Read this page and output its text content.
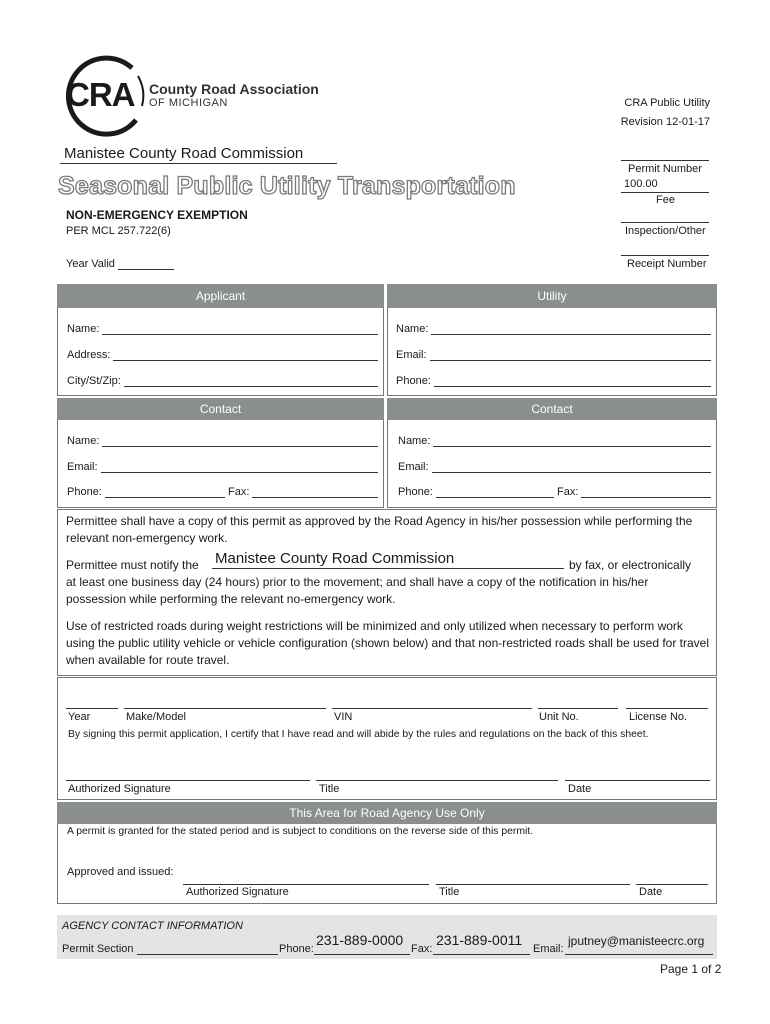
CRA County Road Association
OF MICHIGAN	CRA Public Utility
Revision 12-01-17
Manistee County Road Commission
Seasonal Public Utility Transportation
NON-EMERGENCY EXEMPTION
PER MCL 257.722(6)
Year Valid
Permit Number
100.00
Fee
Inspection/Other
Receipt Number
Applicant	Utility
Name:
Address:
City/St/Zip:
Name:
Email:
Phone:
Contact	Contact
Name:
Email:
Phone:	Fax:
Name:
Email:
Phone:	Fax:
Permittee shall have a copy of this permit as approved by the Road Agency in his/her possession while performing the relevant non-emergency work.
Permittee must notify the Manistee County Road Commission	by fax, or electronically
at least one business day (24 hours) prior to the movement; and shall have a copy of the notification in his/her possession while performing the relevant no-emergency work.
Use of restricted roads during weight restrictions will be minimized and only utilized when necessary to perform work using the public utility vehicle or vehicle configuration (shown below) and that non-restricted roads shall be used for travel when available for route travel.
Year	Make/Model	VIN	Unit No.	License No.
By signing this permit application, I certify that I have read and will abide by the rules and regulations on the back of this sheet.
Authorized Signature	Title	Date
This Area for Road Agency Use Only
A permit is granted for the stated period and is subject to conditions on the reverse side of this permit.
Approved and issued:
Authorized Signature	Title	Date
AGENCY CONTACT INFORMATION
Permit Section	Phone:
231-889-0000
Fax:
231-889-0011
Email:
jputney@manisteecrc.org
Page 1 of 2
